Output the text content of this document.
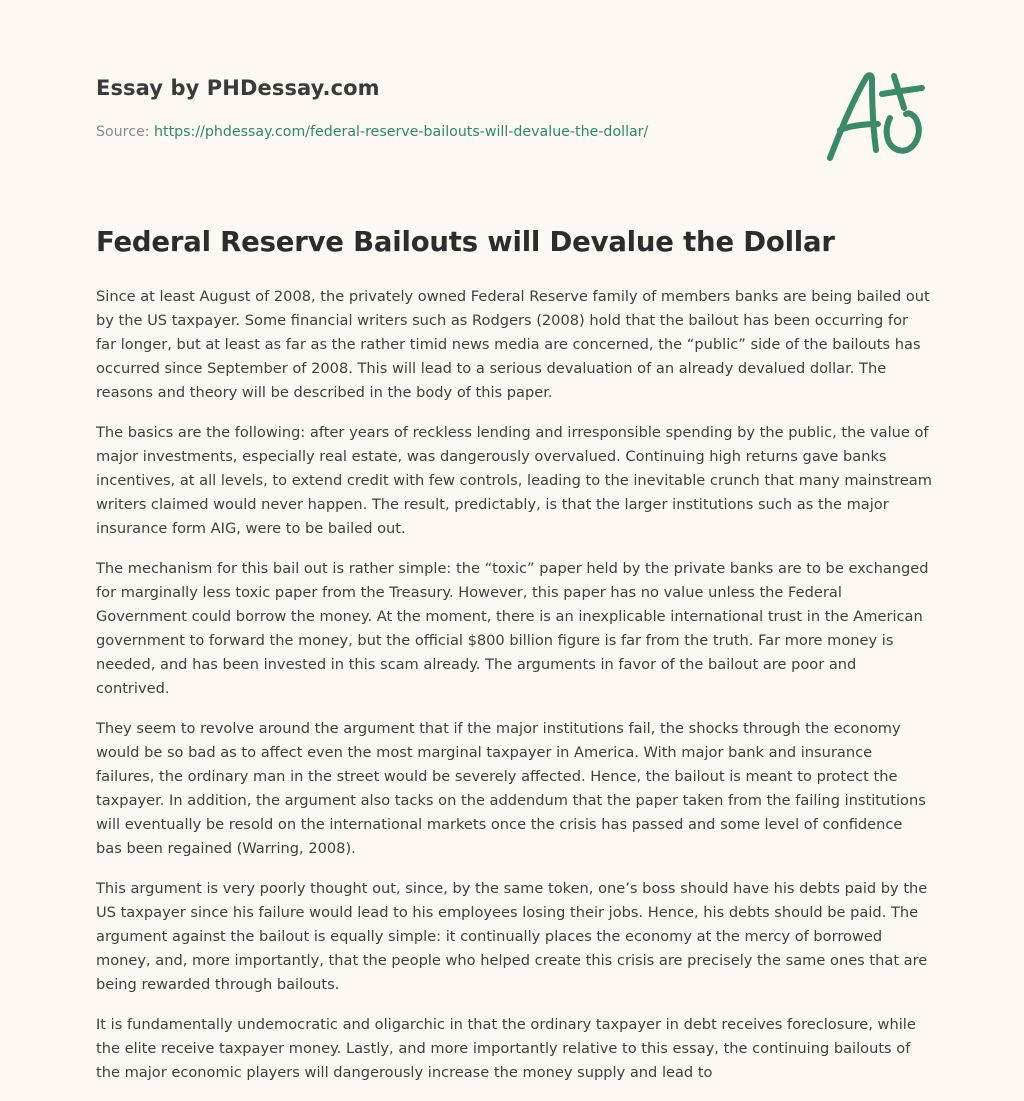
Essay by PHDessay.com

Source: https://phdessay.com/federal-reserve-bailouts-will-devalue-the-dollar/

Federal Reserve Bailouts will Devalue the Dollar

Since at least August of 2008, the privately owned Federal Reserve family of members banks are being bailed out by the US taxpayer. Some financial writers such as Rodgers (2008) hold that the bailout has been occurring for far longer, but at least as far as the rather timid news media are concerned, the “public” side of the bailouts has occurred since September of 2008. This will lead to a serious devaluation of an already devalued dollar. The reasons and theory will be described in the body of this paper.

The basics are the following: after years of reckless lending and irresponsible spending by the public, the value of major investments, especially real estate, was dangerously overvalued. Continuing high returns gave banks incentives, at all levels, to extend credit with few controls, leading to the inevitable crunch that many mainstream writers claimed would never happen. The result, predictably, is that the larger institutions such as the major insurance form AIG, were to be bailed out.

The mechanism for this bail out is rather simple: the “toxic” paper held by the private banks are to be exchanged for marginally less toxic paper from the Treasury. However, this paper has no value unless the Federal Government could borrow the money. At the moment, there is an inexplicable international trust in the American government to forward the money, but the official $800 billion figure is far from the truth. Far more money is needed, and has been invested in this scam already. The arguments in favor of the bailout are poor and contrived.

They seem to revolve around the argument that if the major institutions fail, the shocks through the economy would be so bad as to affect even the most marginal taxpayer in America. With major bank and insurance failures, the ordinary man in the street would be severely affected. Hence, the bailout is meant to protect the taxpayer. In addition, the argument also tacks on the addendum that the paper taken from the failing institutions will eventually be resold on the international markets once the crisis has passed and some level of confidence bas been regained (Warring, 2008).

This argument is very poorly thought out, since, by the same token, one’s boss should have his debts paid by the US taxpayer since his failure would lead to his employees losing their jobs. Hence, his debts should be paid. The argument against the bailout is equally simple: it continually places the economy at the mercy of borrowed money, and, more importantly, that the people who helped create this crisis are precisely the same ones that are being rewarded through bailouts.

It is fundamentally undemocratic and oligarchic in that the ordinary taxpayer in debt receives foreclosure, while the elite receive taxpayer money. Lastly, and more importantly relative to this essay, the continuing bailouts of the major economic players will dangerously increase the money supply and lead to
